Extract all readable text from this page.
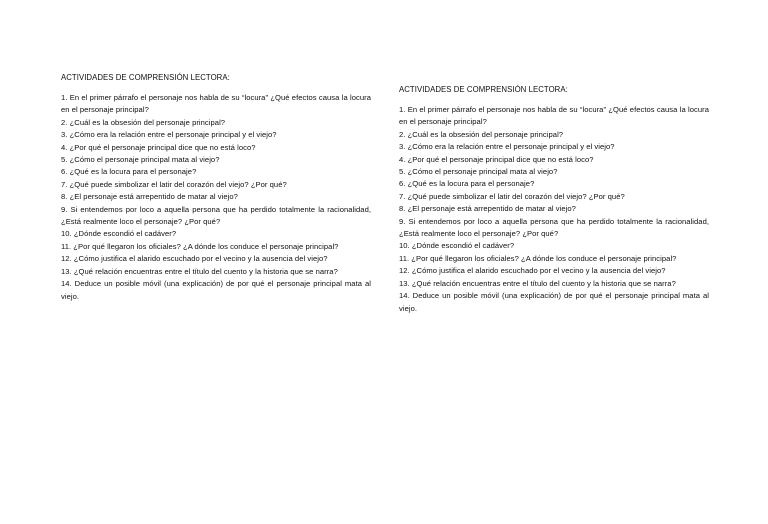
ACTIVIDADES DE COMPRENSIÓN LECTORA:

1. En el primer párrafo el personaje nos habla de su “locura” ¿Qué efectos causa la locura en el personaje principal?
2. ¿Cuál es la obsesión del personaje principal?
3. ¿Cómo era la relación entre el personaje principal y el viejo?
4. ¿Por qué el personaje principal dice que no está loco?
5. ¿Cómo el personaje principal mata al viejo?
6. ¿Qué es la locura para el personaje?
7. ¿Qué puede simbolizar el latir del corazón del viejo? ¿Por qué?
8. ¿El personaje está arrepentido de matar al viejo?
9. Si entendemos por loco a aquella persona que ha perdido totalmente la racionalidad, ¿Está realmente loco el personaje? ¿Por qué?
10. ¿Dónde escondió el cadáver?
11. ¿Por qué llegaron los oficiales? ¿A dónde los conduce el personaje principal?
12. ¿Cómo justifica el alarido escuchado por el vecino y la ausencia del viejo?
13. ¿Qué relación encuentras entre el título del cuento y la historia que se narra?
14. Deduce un posible móvil (una explicación) de por qué el personaje principal mata al viejo.

ACTIVIDADES DE COMPRENSIÓN LECTORA:

1. En el primer párrafo el personaje nos habla de su “locura” ¿Qué efectos causa la locura en el personaje principal?
2. ¿Cuál es la obsesión del personaje principal?
3. ¿Cómo era la relación entre el personaje principal y el viejo?
4. ¿Por qué el personaje principal dice que no está loco?
5. ¿Cómo el personaje principal mata al viejo?
6. ¿Qué es la locura para el personaje?
7. ¿Qué puede simbolizar el latir del corazón del viejo? ¿Por qué?
8. ¿El personaje está arrepentido de matar al viejo?
9. Si entendemos por loco a aquella persona que ha perdido totalmente la racionalidad, ¿Está realmente loco el personaje? ¿Por qué?
10. ¿Dónde escondió el cadáver?
11. ¿Por qué llegaron los oficiales? ¿A dónde los conduce el personaje principal?
12. ¿Cómo justifica el alarido escuchado por el vecino y la ausencia del viejo?
13. ¿Qué relación encuentras entre el título del cuento y la historia que se narra?
14. Deduce un posible móvil (una explicación) de por qué el personaje principal mata al viejo.
